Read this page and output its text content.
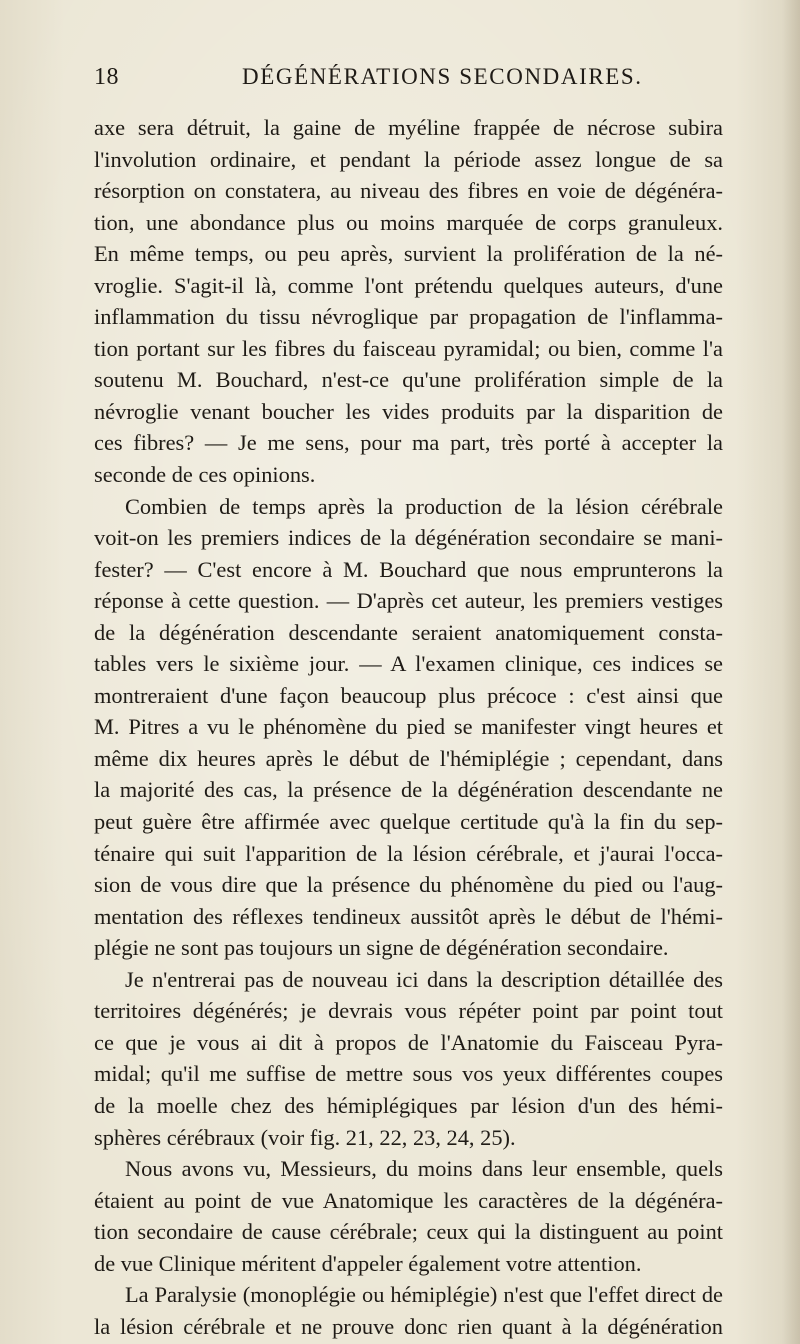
18	DÉGÉNÉRATIONS SECONDAIRES.
axe sera détruit, la gaine de myéline frappée de nécrose subira
l'involution ordinaire, et pendant la période assez longue de sa
résorption on constatera, au niveau des fibres en voie de dégénéra-
tion, une abondance plus ou moins marquée de corps granuleux.
En même temps, ou peu après, survient la prolifération de la né-
vroglie. S'agit-il là, comme l'ont prétendu quelques auteurs, d'une
inflammation du tissu névroglique par propagation de l'inflamma-
tion portant sur les fibres du faisceau pyramidal; ou bien, comme l'a
soutenu M. Bouchard, n'est-ce qu'une prolifération simple de la
névroglie venant boucher les vides produits par la disparition de
ces fibres? — Je me sens, pour ma part, très porté à accepter la
seconde de ces opinions.
Combien de temps après la production de la lésion cérébrale
voit-on les premiers indices de la dégénération secondaire se mani-
fester? — C'est encore à M. Bouchard que nous emprunterons la
réponse à cette question. — D'après cet auteur, les premiers vestiges
de la dégénération descendante seraient anatomiquement consta-
tables vers le sixième jour. — A l'examen clinique, ces indices se
montreraient d'une façon beaucoup plus précoce : c'est ainsi que
M. Pitres a vu le phénomène du pied se manifester vingt heures et
même dix heures après le début de l'hémiplégie ; cependant, dans
la majorité des cas, la présence de la dégénération descendante ne
peut guère être affirmée avec quelque certitude qu'à la fin du sep-
ténaire qui suit l'apparition de la lésion cérébrale, et j'aurai l'occa-
sion de vous dire que la présence du phénomène du pied ou l'aug-
mentation des réflexes tendineux aussitôt après le début de l'hémi-
plégie ne sont pas toujours un signe de dégénération secondaire.
Je n'entrerai pas de nouveau ici dans la description détaillée des
territoires dégénérés; je devrais vous répéter point par point tout
ce que je vous ai dit à propos de l'Anatomie du Faisceau Pyra-
midal; qu'il me suffise de mettre sous vos yeux différentes coupes
de la moelle chez des hémiplégiques par lésion d'un des hémi-
sphères cérébraux (voir fig. 21, 22, 23, 24, 25).
Nous avons vu, Messieurs, du moins dans leur ensemble, quels
étaient au point de vue Anatomique les caractères de la dégénéra-
tion secondaire de cause cérébrale; ceux qui la distinguent au point
de vue Clinique méritent d'appeler également votre attention.
La Paralysie (monoplégie ou hémiplégie) n'est que l'effet direct de
la lésion cérébrale et ne prouve donc rien quant à la dégénération
